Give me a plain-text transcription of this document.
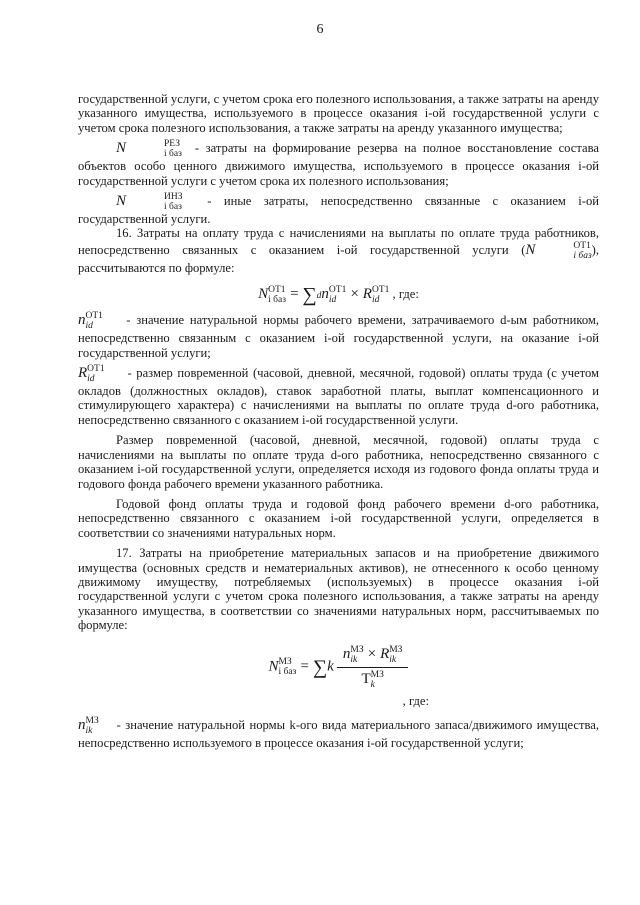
6

государственной услуги, с учетом срока его полезного использования, а также затраты на аренду указанного имущества, используемого в процессе оказания i-ой государственной услуги с учетом срока полезного использования, а также затраты на аренду указанного имущества;

N	РЕЗ
i баз - затраты на формирование резерва на полное восстановление состава объектов особо ценного движимого имущества, используемого в процессе оказания i-ой государственной услуги с учетом срока их полезного использования;

N	ИНЗ
i баз - иные затраты, непосредственно связанные с оказанием i-ой государственной услуги.

16. Затраты на оплату труда с начислениями на выплаты по оплате труда работников, непосредственно связанных с оказанием i-ой государственной услуги (N	ОТ1
i баз ), рассчитываются по формуле:

N ОТ1
i баз = ∑dn ОТ1
id × R ОТ1
id	, где:

n ОТ1
id	- значение натуральной нормы рабочего времени, затрачиваемого d-ым работником, непосредственно связанным с оказанием i-ой государственной услуги, на оказание i-ой государственной услуги;

R ОТ1
id	- размер повременной (часовой, дневной, месячной, годовой) оплаты труда (с учетом окладов (должностных окладов), ставок заработной платы, выплат компенсационного и стимулирующего характера) с начислениями на выплаты по оплате труда d-ого работника, непосредственно связанного с оказанием i-ой государственной услуги.

Размер повременной (часовой, дневной, месячной, годовой) оплаты труда с начислениями на выплаты по оплате труда d-ого работника, непосредственно связанного с оказанием i-ой государственной услуги, определяется исходя из годового фонда оплаты труда и годового фонда рабочего времени указанного работника.

Годовой фонд оплаты труда и годовой фонд рабочего времени d-ого работника, непосредственно связанного с оказанием i-ой государственной услуги, определяется в соответствии со значениями натуральных норм.

17. Затраты на приобретение материальных запасов и на приобретение движимого имущества (основных средств и нематериальных активов), не отнесенного к особо ценному движимому имуществу, потребляемых (используемых) в процессе оказания i-ой государственной услуги с учетом срока полезного использования, а также затраты на аренду указанного имущества, в соответствии со значениями натуральных норм, рассчитываемых по формуле:

N МЗ
i баз = ∑k n МЗ
ik × R МЗ
ik
T МЗ
k
, где:

n МЗ
ik	- значение натуральной нормы k-ого вида материального запаса/движимого имущества, непосредственно используемого в процессе оказания i-ой государственной услуги;
